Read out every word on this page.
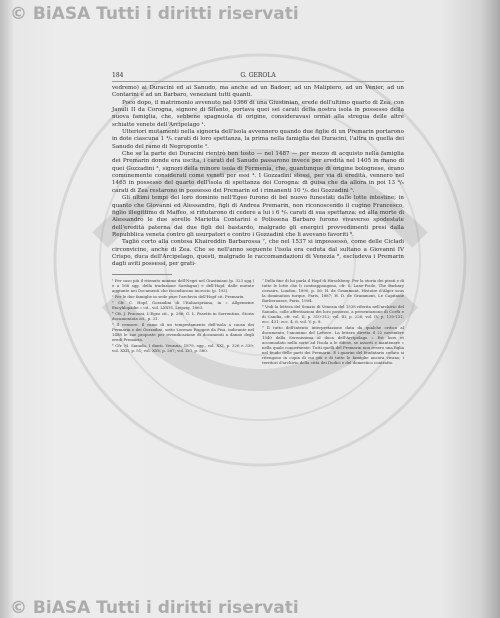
© BiASA Tutti i diritti riservati
184	G. GEROLA

vedremo) ai Duracini ed ai Sanudo, ma anche ad un Badoer, ad un Malipiero, ad un Venier, ad un Contarini e ad un Barbaro, veneziani tutti quanti.

Poco dopo, il matrimonio avvenuto nel 1366 di una Giustinian, erede dell'ultimo quarto di Zea, con Januli II da Corogna, signore di Sifanto, portava quei sei carati della nostra isola in possesso della nuova famiglia, che, sebbene spagnuola di origine, consideravasi ormai alla stregua delle altre schiatte venete dell'Arcipelago ¹.

Ulteriori mutamenti nella signoria dell'isola avvennero quando due figlie di un Premarin portarono in dote ciascuna 1 ⁴/₅ carati di loro spettanza, la prima nella famiglia dei Duracini, l'altra in quella dei Sanudo del ramo di Negroponte ².

Che se la parte dei Duracini rientrò ben tosto — nel 1487 — per mezzo di acquisto nella famiglia dei Premarin donde era uscita, i carati del Sanudo passarono invece per eredità nel 1405 in mano di quei Gozzadini ³, signori della minore isola di Fermenia, che, quantunque di origine bolognese, erano comunemente considerati come veneti per essi ⁴. I Gozzadini stessi, per via di eredità, vennero nel 1465 in possesso del quarto dell'isola di spettanza dei Corogna: di guisa che da allora in poi 13 ⁴/₅ carati di Zea restarono in possesso dei Premarin ed i rimanenti 10 ¹/₅ dei Gozzadini ⁵.

Gli ultimi tempi del loro dominio nell'Egeo furono di bel nuovo funestati dalle lotte intestine; in quanto che Giovanni ed Alessandro, figli di Andrea Premarin, non riconoscendo il cugino Francesco, figlio illegittimo di Maffeo, si rifiutarono di cedere a lui i 6 ⁴/₅ carati di sua spettanza; ed alla morte di Alessandro le due sorelle Marietta Contarini e Polissena Barbaro furono vivaverso spodestate dell'eredità paterna dai due figli del bastardo, malgrado gli energici provvedimenti presi dalla Repubblica veneta contro gli usurpatori e contro i Gozzadini che li avevano favoriti ⁶.

Tagliò corto alla contesa Khaireddin Barbarossa ⁷, che nel 1537 si impossessò, come delle Cicladi circonvicine, anche di Zea. Che se nell'anno seguente l'isola era ceduta dal sultano a Giovanni IV Crispo, duca dell'Arcipelago, questi, malgrado le raccomandazioni di Venezia ⁸, escludeva i Premarin dagli aviti possessi, per grati-

¹ Per caso più il ritenuto minimo dell'Negri nel Giustiniani (p. 323 sgg.) e a 168 sgg. della traduzione Sardagna) e dell'Hopf, dalle mutate aggiunte nei Documenti che riconducono incrocio (p. 193).

² Per le due famiglie in sede pure l'archivio dell'Hopf cit. Premarin.

³ Cfr. C. Hopf, Gozzadini di l'Italiacipriana, in « Allgemeine Encyklopädie » cit., vol. LXXVI, Leipzig, 1863.

⁴ Cfr. J. Fracassi, L'Egeo cit., p. 286; G. L. Pasetto in Sorrentino, Storia documentata cit., p. 31.

⁵ Il censore. Il ramo di un tempestamento dell'isola a causa dei Premarin e dei Gozzadini, sotto Lorenzo Ruggeri da Pisa, indicante nel 1488 le sue proposte per rivendicazione di documenti a danno degli eredi Premarin.

⁶ Cfr. M. Sanudo, I diarii, Venezia, 1879, sgg., vol. XXI, p. 326 e 339; vol. XXII, p. 51; vol. XXV, p. 267; vol. LVI, p. 580.

⁷ Della fine di lui parla il Hopf di Hirschberg. Per la storia dei pirati e di tutte le lotte che li contrappongono, cfr. S. Lane-Poole, The Barbary corsairs, London, 1890, p. 56; H. de Grammont, Histoire d'Alger sous la domination turque, Paris, 1887; H. D. de Grammont, Le Capitaine Barberousse, Paris, 1904.

⁸ Vedi la lettera del Senato di Venezia del 1538 riferita nell'archivio del Sanudo, colle affrettazioni dei loro possessi, a presentazione di Corfù e di Candia, cfr. vol. II, p. 310-312; vol. III, p. 226; vol. IV, p. 130-131; ecc. 431; ecc. 4, 6, vol. V, p. 8.

⁹ Il tutto dell'intento interpretazione data da qualche critico al documento, l'anonimo del Lettere. La lettera diretta il 22 novembre 1540 dalla Serenissima al duca dell'Arcipelago « Est hors et accomodato nella sorte ad l'isola a le difese, se assorti e mantenere » nella quale concernente: Tutti quelli del Premarin non resero una figlia nel feudo delle parti dei Premarin. E i guarini del feudatario ceduto si ritengono in copia di cui più e di tutte le famiglie ancora vivano, i territori d'archivio della città dei Dodici e del domestico contratto.

© BiASA Tutti i diritti riservati
